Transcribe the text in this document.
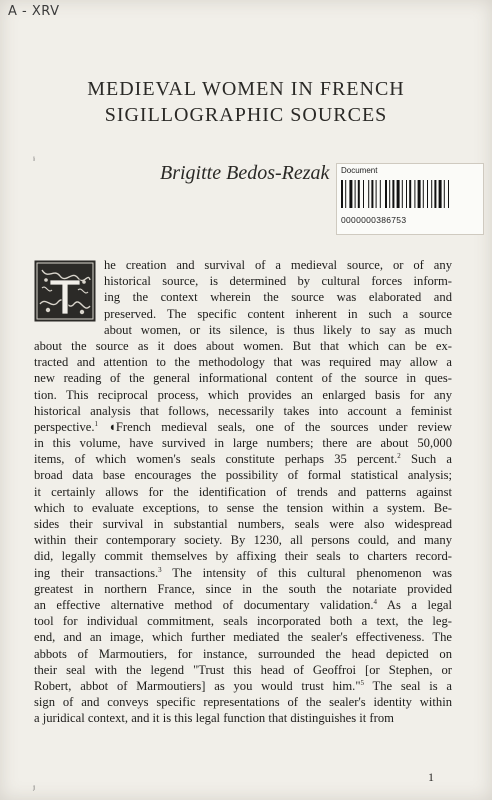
A - XRV
ⁱ
MEDIEVAL WOMEN IN FRENCH
SIGILLOGRAPHIC SOURCES
Brigitte Bedos-Rezak Document
0000000386753
he creation and survival of a medieval source, or of any
historical source, is determined by cultural forces inform-
ing the context wherein the source was elaborated and
preserved. The specific content inherent in such a source
about women, or its silence, is thus likely to say as much
about the source as it does about women. But that which can be ex-
tracted and attention to the methodology that was required may allow a
new reading of the general informational content of the source in ques-
tion. This reciprocal process, which provides an enlarged basis for any
historical analysis that follows, necessarily takes into account a feminist
perspective.$^1$ ◖French medieval seals, one of the sources under review
in this volume, have survived in large numbers; there are about 50,000
items, of which women's seals constitute perhaps 35 percent.$^2$ Such a
broad data base encourages the possibility of formal statistical analysis;
it certainly allows for the identification of trends and patterns against
which to evaluate exceptions, to sense the tension within a system. Be-
sides their survival in substantial numbers, seals were also widespread
within their contemporary society. By 1230, all persons could, and many
did, legally commit themselves by affixing their seals to charters record-
ing their transactions.$^3$ The intensity of this cultural phenomenon was
greatest in northern France, since in the south the notariate provided
an effective alternative method of documentary validation.$^4$ As a legal
tool for individual commitment, seals incorporated both a text, the leg-
end, and an image, which further mediated the sealer's effectiveness. The
abbots of Marmoutiers, for instance, surrounded the head depicted on
their seal with the legend "Trust this head of Geoffroi [or Stephen, or
Robert, abbot of Marmoutiers] as you would trust him."$^5$ The seal is a
sign of and conveys specific representations of the sealer's identity within
a juridical context, and it is this legal function that distinguishes it from
1
ʲ
